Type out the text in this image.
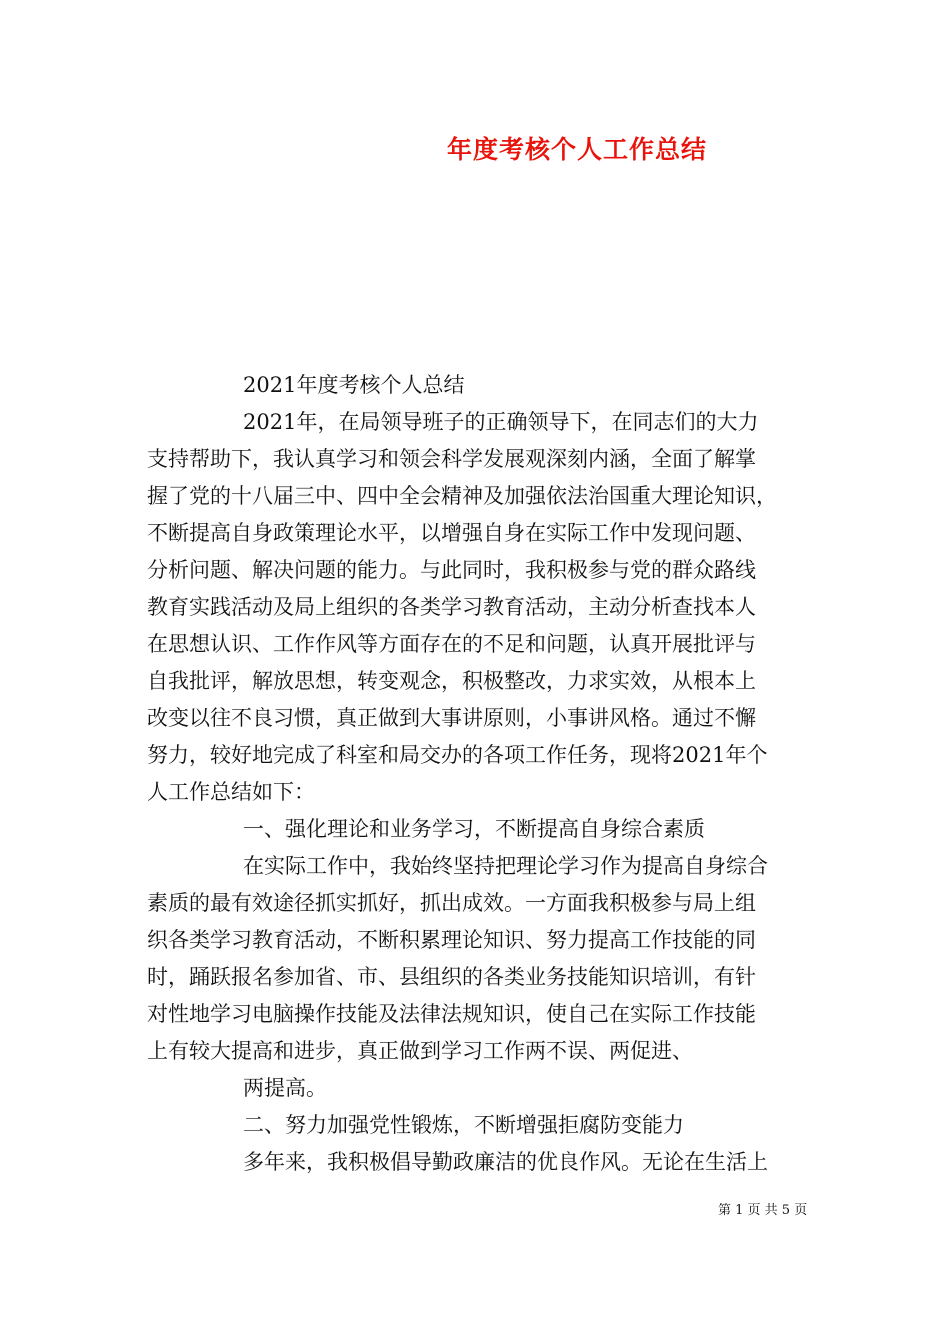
年度考核个人工作总结
2021年度考核个人总结
2021年，在局领导班子的正确领导下，在同志们的大力
支持帮助下，我认真学习和领会科学发展观深刻内涵，全面了解掌
握了党的十八届三中、四中全会精神及加强依法治国重大理论知识，
不断提高自身政策理论水平，以增强自身在实际工作中发现问题、
分析问题、解决问题的能力。与此同时，我积极参与党的群众路线
教育实践活动及局上组织的各类学习教育活动，主动分析查找本人
在思想认识、工作作风等方面存在的不足和问题，认真开展批评与
自我批评，解放思想，转变观念，积极整改，力求实效，从根本上
改变以往不良习惯，真正做到大事讲原则，小事讲风格。通过不懈
努力，较好地完成了科室和局交办的各项工作任务，现将2021年个
人工作总结如下：
一、强化理论和业务学习，不断提高自身综合素质
在实际工作中，我始终坚持把理论学习作为提高自身综合
素质的最有效途径抓实抓好，抓出成效。一方面我积极参与局上组
织各类学习教育活动，不断积累理论知识、努力提高工作技能的同
时，踊跃报名参加省、市、县组织的各类业务技能知识培训，有针
对性地学习电脑操作技能及法律法规知识，使自己在实际工作技能
上有较大提高和进步，真正做到学习工作两不误、两促进、
两提高。
二、努力加强党性锻炼，不断增强拒腐防变能力
多年来，我积极倡导勤政廉洁的优良作风。无论在生活上
第 1 页 共 5 页
